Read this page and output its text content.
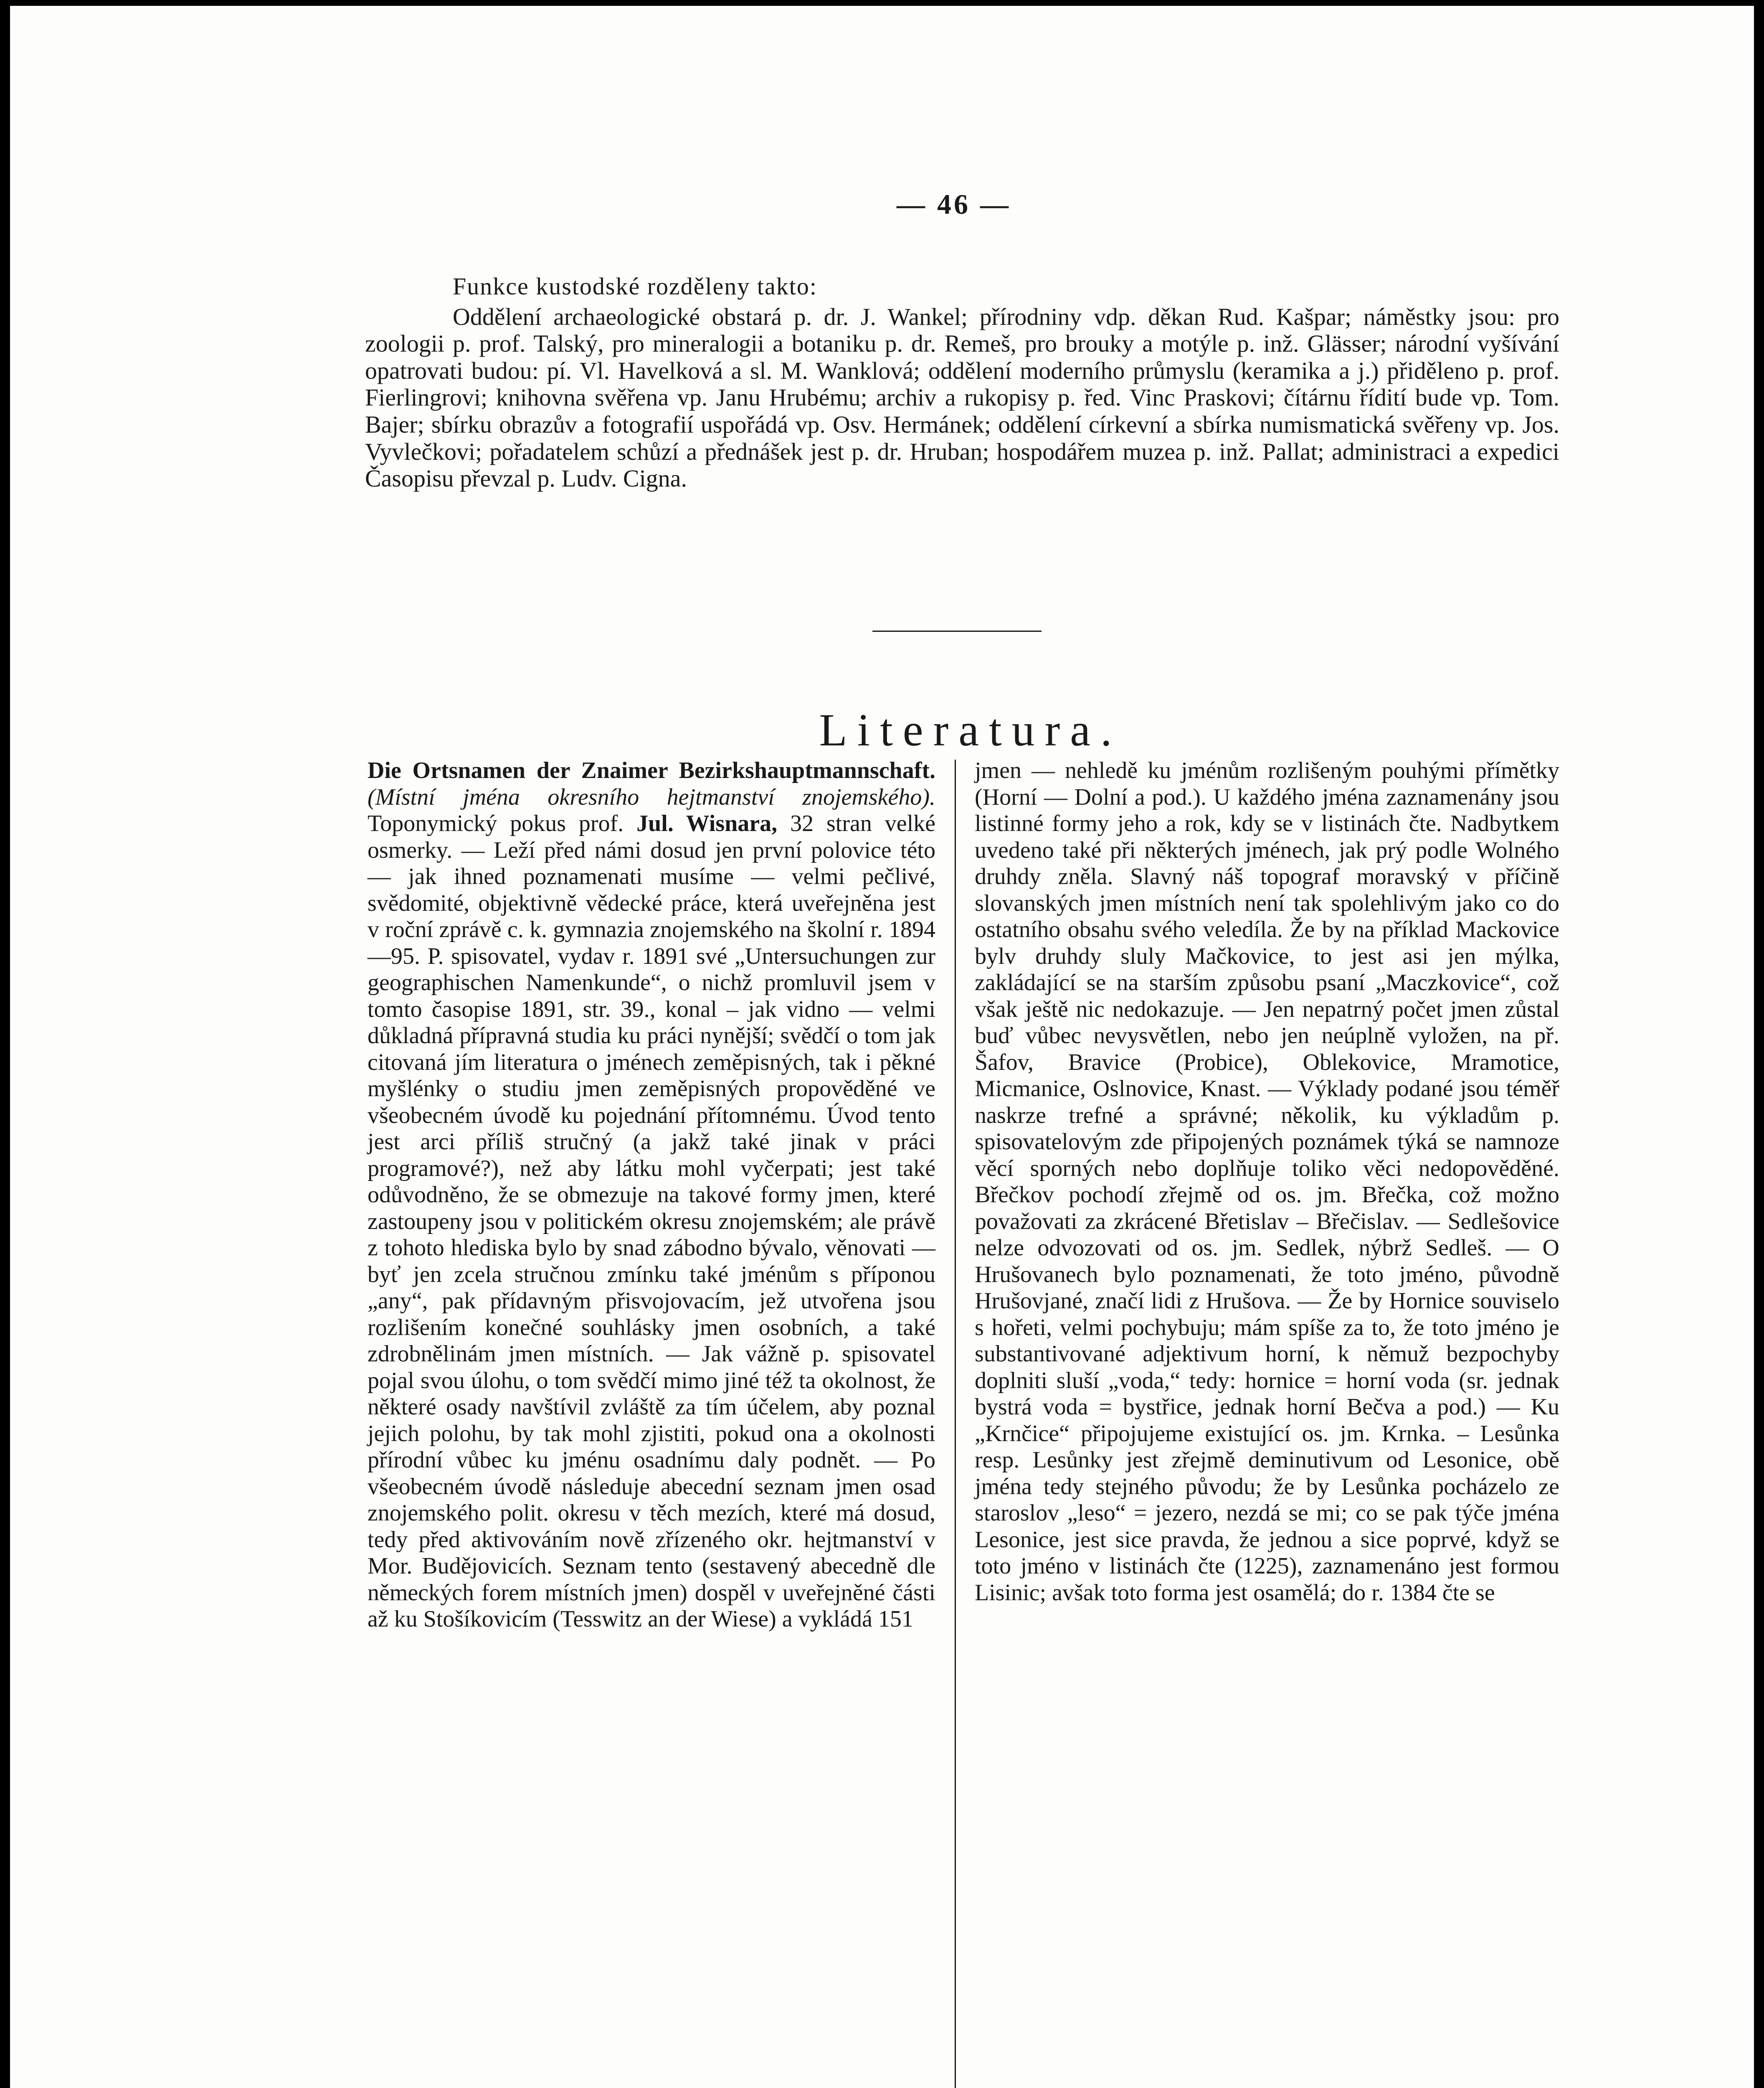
— 46 —

Funkce kustodské rozděleny takto:

Oddělení archaeologické obstará p. dr. J. Wankel; přírodniny vdp. děkan Rud. Kašpar; náměstky jsou: pro zoologii p. prof. Talský, pro mineralogii a botaniku p. dr. Remeš, pro brouky a motýle p. inž. Glässer; národní vyšívání opatrovati budou: pí. Vl. Havelková a sl. M. Wanklová; oddělení moderního průmyslu (keramika a j.) přiděleno p. prof. Fierlingrovi; knihovna svěřena vp. Janu Hrubému; archiv a rukopisy p. řed. Vinc Praskovi; čítárnu řídití bude vp. Tom. Bajer; sbírku obrazův a fotografií uspořádá vp. Osv. Hermánek; oddělení církevní a sbírka numismatická svěřeny vp. Jos. Vyvlečkovi; pořadatelem schůzí a přednášek jest p. dr. Hruban; hospodářem muzea p. inž. Pallat; administraci a expedici Časopisu převzal p. Ludv. Cigna.

Literatura.

Die Ortsnamen der Znaimer Bezirkshauptmannschaft. (Místní jména okresního hejtmanství znojemského). Toponymický pokus prof. Jul. Wisnara, 32 stran velké osmerky. — Leží před námi dosud jen první polovice této — jak ihned poznamenati musíme — velmi pečlivé, svědomité, objektivně vědecké práce, která uveřejněna jest v roční zprávě c. k. gymnazia znojemského na školní r. 1894—95. P. spisovatel, vydav r. 1891 své „Untersuchungen zur geographischen Namenkunde“, o nichž promluvil jsem v tomto časopise 1891, str. 39., konal – jak vidno — velmi důkladná přípravná studia ku práci nynější; svědčí o tom jak citovaná jím literatura o jménech zeměpisných, tak i pěkné myšlénky o studiu jmen zeměpisných propověděné ve všeobecném úvodě ku pojednání přítomnému. Úvod tento jest arci příliš stručný (a jakž také jinak v práci programové?), než aby látku mohl vyčerpati; jest také odůvodněno, že se obmezuje na takové formy jmen, které zastoupeny jsou v politickém okresu znojemském; ale právě z tohoto hlediska bylo by snad zábodno bývalo, věnovati — byť jen zcela stručnou zmínku také jménům s příponou „any“, pak přídavným přisvojovacím, jež utvořena jsou rozlišením konečné souhlásky jmen osobních, a také zdrobnělinám jmen místních. — Jak vážně p. spisovatel pojal svou úlohu, o tom svědčí mimo jiné též ta okolnost, že některé osady navštívil zvláště za tím účelem, aby poznal jejich polohu, by tak mohl zjistiti, pokud ona a okolnosti přírodní vůbec ku jménu osadnímu daly podnět. — Po všeobecném úvodě následuje abecední seznam jmen osad znojemského polit. okresu v těch mezích, které má dosud, tedy před aktivováním nově zřízeného okr. hejtmanství v Mor. Budějovicích. Seznam tento (sestavený abecedně dle německých forem místních jmen) dospěl v uveřejněné části až ku Stošíkovicím (Tesswitz an der Wiese) a vykládá 151

jmen — nehledě ku jménům rozlišeným pouhými přímětky (Horní — Dolní a pod.). U každého jména zaznamenány jsou listinné formy jeho a rok, kdy se v listinách čte. Nadbytkem uvedeno také při některých jménech, jak prý podle Wolného druhdy zněla. Slavný náš topograf moravský v příčině slovanských jmen místních není tak spolehlivým jako co do ostatního obsahu svého veledíla. Že by na příklad Mackovice bylv druhdy sluly Mačkovice, to jest asi jen mýlka, zakládající se na starším způsobu psaní „Maczkovice“, což však ještě nic nedokazuje. — Jen nepatrný počet jmen zůstal buď vůbec nevysvětlen, nebo jen neúplně vyložen, na př. Šafov, Bravice (Probice), Oblekovice, Mramotice, Micmanice, Oslnovice, Knast. — Výklady podané jsou téměř naskrze trefné a správné; několik, ku výkladům p. spisovatelovým zde připojených poznámek týká se namnoze věcí sporných nebo doplňuje toliko věci nedopověděné. Břečkov pochodí zřejmě od os. jm. Břečka, což možno považovati za zkrácené Břetislav – Břečislav. — Sedlešovice nelze odvozovati od os. jm. Sedlek, nýbrž Sedleš. — O Hrušovanech bylo poznamenati, že toto jméno, původně Hrušovjané, značí lidi z Hrušova. — Že by Hornice souviselo s hořeti, velmi pochybuju; mám spíše za to, že toto jméno je substantivované adjektivum horní, k němuž bezpochyby doplniti sluší „voda,“ tedy: hornice = horní voda (sr. jednak bystrá voda = bystřice, jednak horní Bečva a pod.) — Ku „Krnčice“ připojujeme existující os. jm. Krnka. – Lesůnka resp. Lesůnky jest zřejmě deminutivum od Lesonice, obě jména tedy stejného původu; že by Lesůnka pocházelo ze staroslov „leso“ = jezero, nezdá se mi; co se pak týče jména Lesonice, jest sice pravda, že jednou a sice poprvé, když se toto jméno v listinách čte (1225), zaznamenáno jest formou Lisinic; avšak toto forma jest osamělá; do r. 1384 čte se
